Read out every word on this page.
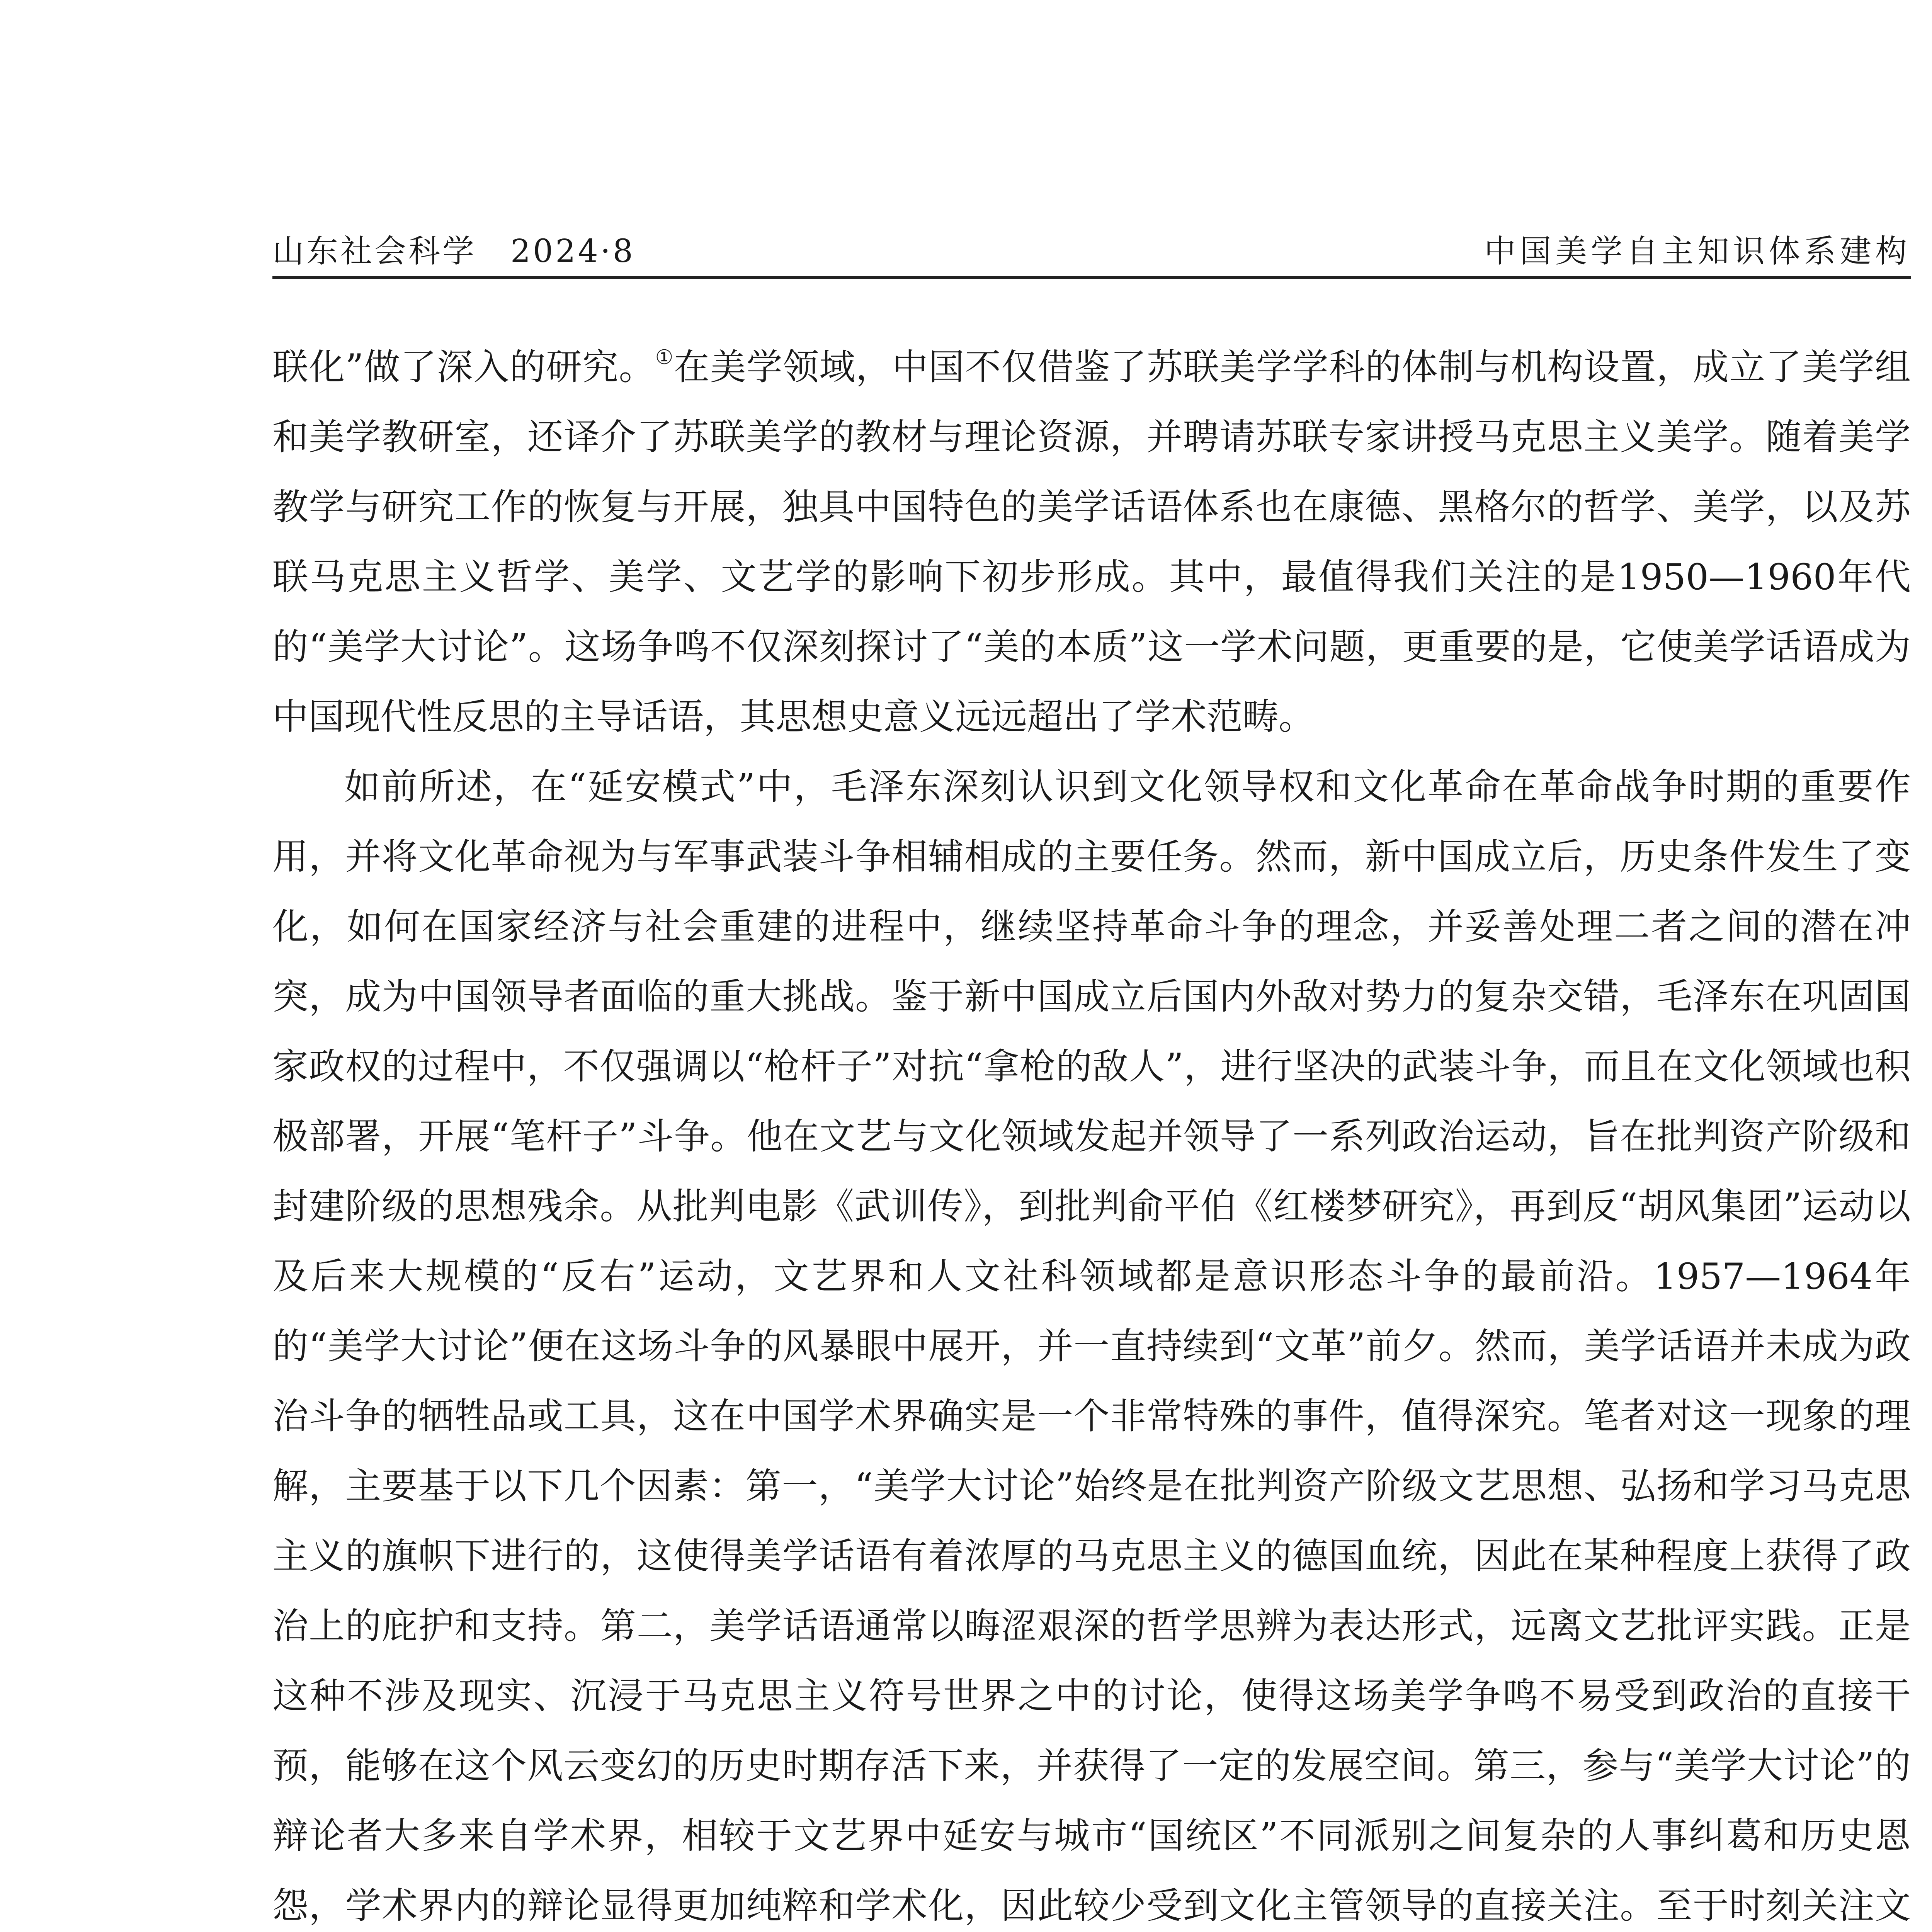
山东社会科学　2024·8	中国美学自主知识体系建构

联化”做了深入的研究。①在美学领域，中国不仅借鉴了苏联美学学科的体制与机构设置，成立了美学组和美学教研室，还译介了苏联美学的教材与理论资源，并聘请苏联专家讲授马克思主义美学。随着美学教学与研究工作的恢复与开展，独具中国特色的美学话语体系也在康德、黑格尔的哲学、美学，以及苏联马克思主义哲学、美学、文艺学的影响下初步形成。其中，最值得我们关注的是1950—1960年代的“美学大讨论”。这场争鸣不仅深刻探讨了“美的本质”这一学术问题，更重要的是，它使美学话语成为中国现代性反思的主导话语，其思想史意义远远超出了学术范畴。

如前所述，在“延安模式”中，毛泽东深刻认识到文化领导权和文化革命在革命战争时期的重要作用，并将文化革命视为与军事武装斗争相辅相成的主要任务。然而，新中国成立后，历史条件发生了变化，如何在国家经济与社会重建的进程中，继续坚持革命斗争的理念，并妥善处理二者之间的潜在冲突，成为中国领导者面临的重大挑战。鉴于新中国成立后国内外敌对势力的复杂交错，毛泽东在巩固国家政权的过程中，不仅强调以“枪杆子”对抗“拿枪的敌人”，进行坚决的武装斗争，而且在文化领域也积极部署，开展“笔杆子”斗争。他在文艺与文化领域发起并领导了一系列政治运动，旨在批判资产阶级和封建阶级的思想残余。从批判电影《武训传》，到批判俞平伯《红楼梦研究》，再到反“胡风集团”运动以及后来大规模的“反右”运动，文艺界和人文社科领域都是意识形态斗争的最前沿。1957—1964年的“美学大讨论”便在这场斗争的风暴眼中展开，并一直持续到“文革”前夕。然而，美学话语并未成为政治斗争的牺牲品或工具，这在中国学术界确实是一个非常特殊的事件，值得深究。笔者对这一现象的理解，主要基于以下几个因素：第一，“美学大讨论”始终是在批判资产阶级文艺思想、弘扬和学习马克思主义的旗帜下进行的，这使得美学话语有着浓厚的马克思主义的德国血统，因此在某种程度上获得了政治上的庇护和支持。第二，美学话语通常以晦涩艰深的哲学思辨为表达形式，远离文艺批评实践。正是这种不涉及现实、沉浸于马克思主义符号世界之中的讨论，使得这场美学争鸣不易受到政治的直接干预，能够在这个风云变幻的历史时期存活下来，并获得了一定的发展空间。第三，参与“美学大讨论”的辩论者大多来自学术界，相较于文艺界中延安与城市“国统区”不同派别之间复杂的人事纠葛和历史恩怨，学术界内的辩论显得更加纯粹和学术化，因此较少受到文化主管领导的直接关注。至于时刻关注文
